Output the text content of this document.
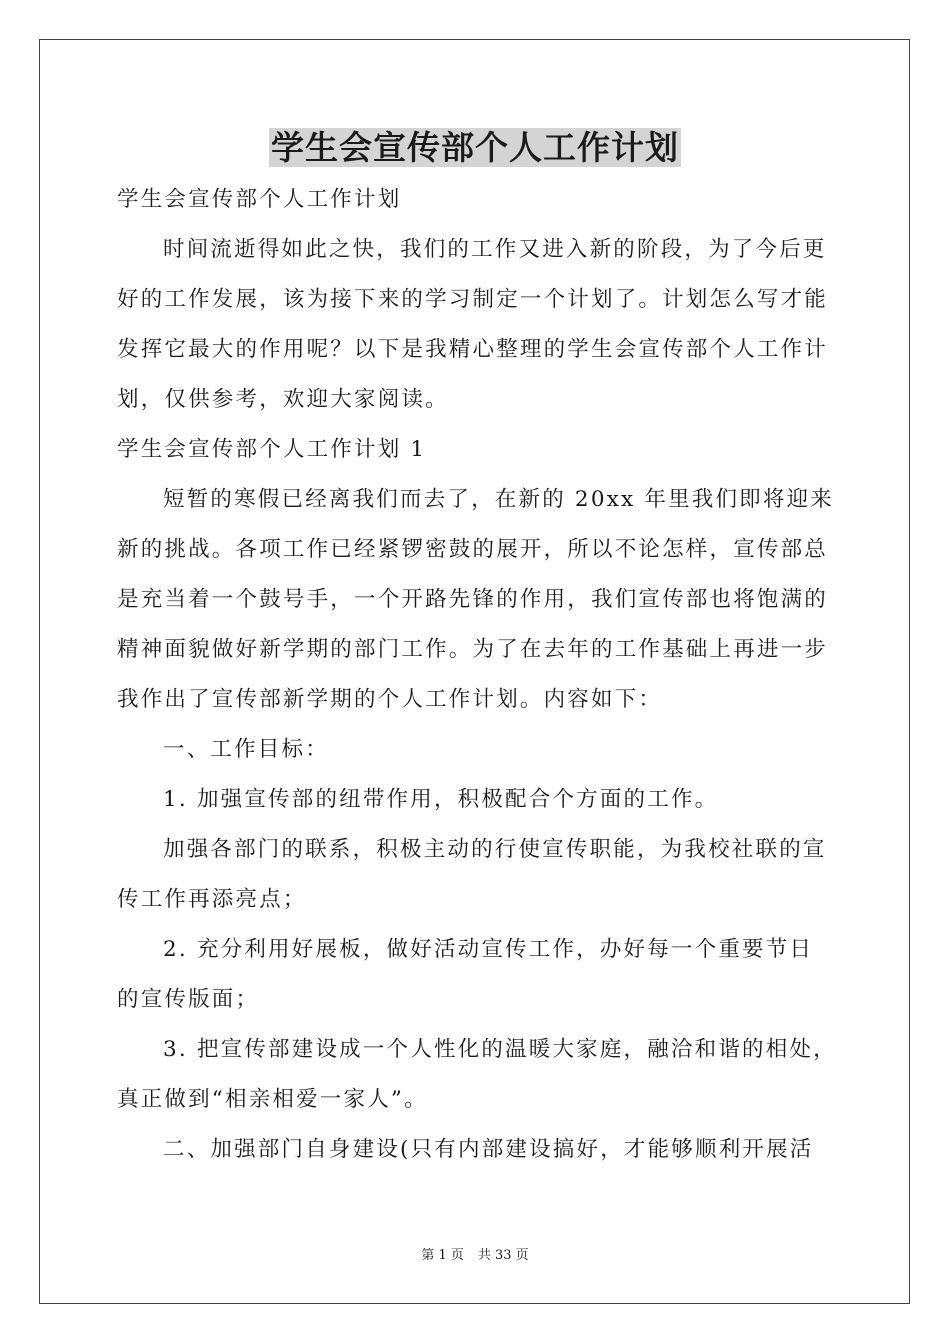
学生会宣传部个人工作计划
学生会宣传部个人工作计划
时间流逝得如此之快，我们的工作又进入新的阶段，为了今后更
好的工作发展，该为接下来的学习制定一个计划了。计划怎么写才能
发挥它最大的作用呢？以下是我精心整理的学生会宣传部个人工作计
划，仅供参考，欢迎大家阅读。
学生会宣传部个人工作计划 1
短暂的寒假已经离我们而去了，在新的 20xx 年里我们即将迎来
新的挑战。各项工作已经紧锣密鼓的展开，所以不论怎样，宣传部总
是充当着一个鼓号手，一个开路先锋的作用，我们宣传部也将饱满的
精神面貌做好新学期的部门工作。为了在去年的工作基础上再进一步
我作出了宣传部新学期的个人工作计划。内容如下：
一、工作目标：
1. 加强宣传部的纽带作用，积极配合个方面的工作。
加强各部门的联系，积极主动的行使宣传职能，为我校社联的宣
传工作再添亮点；
2. 充分利用好展板，做好活动宣传工作，办好每一个重要节日
的宣传版面；
3. 把宣传部建设成一个人性化的温暖大家庭，融洽和谐的相处，
真正做到“相亲相爱一家人”。
二、加强部门自身建设(只有内部建设搞好，才能够顺利开展活
第 1 页 共 33 页
